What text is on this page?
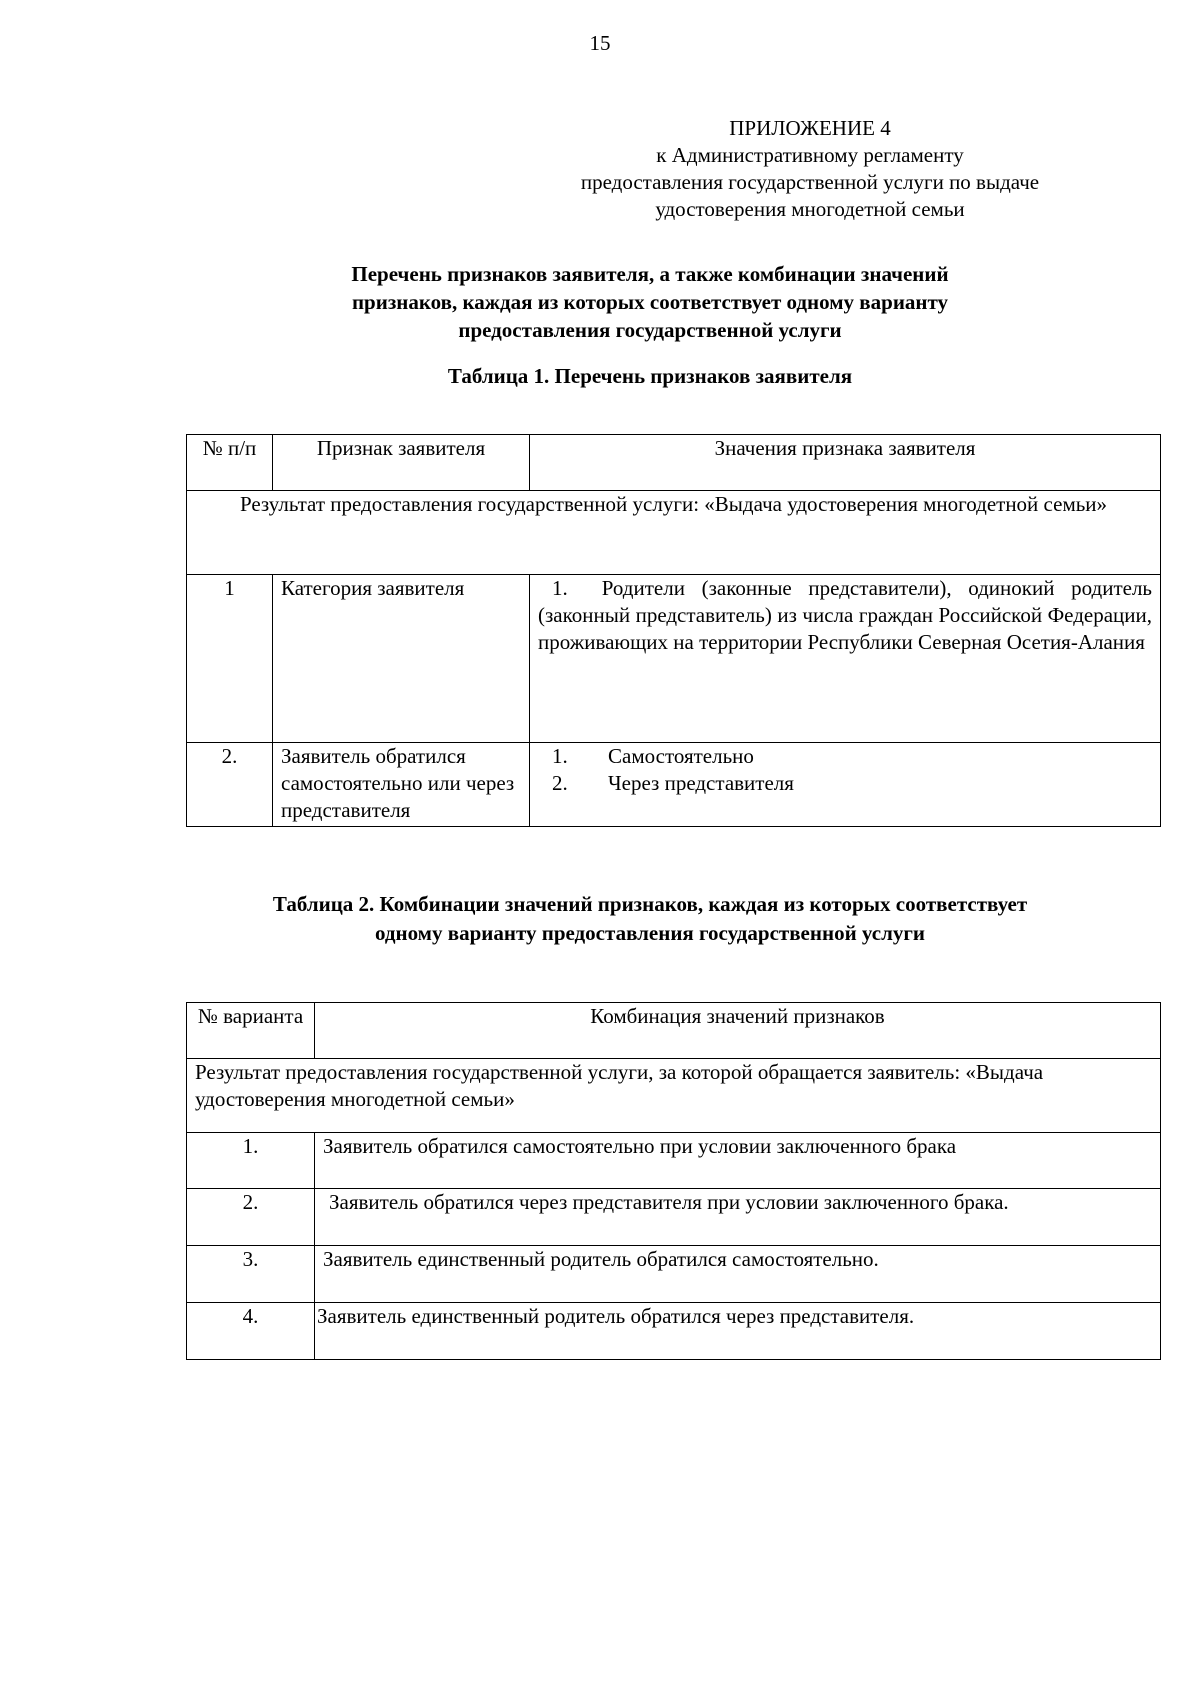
15
ПРИЛОЖЕНИЕ 4
к Административному регламенту
предоставления государственной услуги по выдаче
удостоверения многодетной семьи
Перечень признаков заявителя, а также комбинации значений
признаков, каждая из которых соответствует одному варианту
предоставления государственной услуги
Таблица 1. Перечень признаков заявителя
№ п/п	Признак заявителя	Значения признака заявителя
Результат предоставления государственной услуги: «Выдача удостоверения многодетной семьи»		
1	Категория заявителя	1. Родители (законные представители), одинокий родитель (законный представитель) из числа граждан Российской Федерации, проживающих на территории Республики Северная Осетия-Алания
2.	Заявитель обратился самостоятельно или через представителя	1. Самостоятельно
2. Через представителя
Таблица 2. Комбинации значений признаков, каждая из которых соответствует
одному варианту предоставления государственной услуги
№ варианта	Комбинация значений признаков
Результат предоставления государственной услуги, за которой обращается заявитель: «Выдача удостоверения многодетной семьи»	
1.	Заявитель обратился самостоятельно при условии заключенного брака
2.	Заявитель обратился через представителя при условии заключенного брака.
3.	Заявитель единственный родитель обратился самостоятельно.
4.	Заявитель единственный родитель обратился через представителя.
